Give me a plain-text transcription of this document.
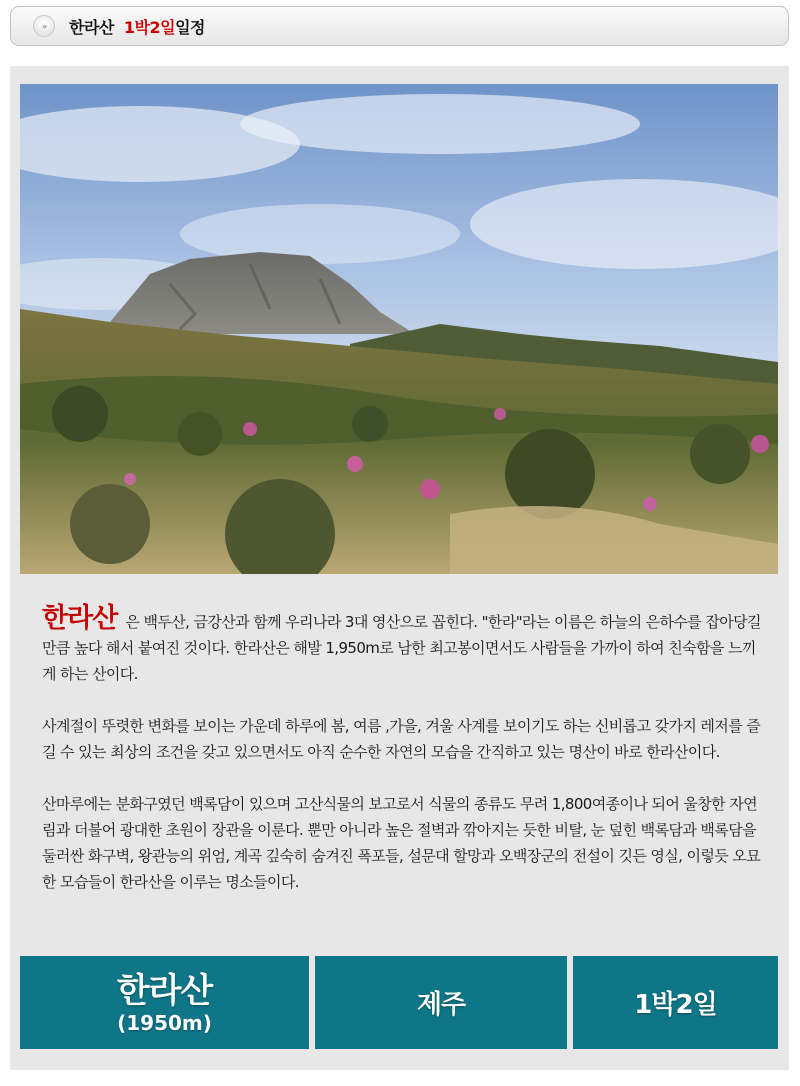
»	한라산 1박2일일정

한라산 은 백두산, 금강산과 함께 우리나라 3대 영산으로 꼽힌다. "한라"라는 이름은 하늘의 은하수를 잡아당길 만큼 높다 해서 붙여진 것이다. 한라산은 해발 1,950m로 남한 최고봉이면서도 사람들을 가까이 하여 친숙함을 느끼게 하는 산이다.

사계절이 뚜렷한 변화를 보이는 가운데 하루에 봄, 여름 ,가을, 겨울 사계를 보이기도 하는 신비롭고 갖가지 레저를 즐길 수 있는 최상의 조건을 갖고 있으면서도 아직 순수한 자연의 모습을 간직하고 있는 명산이 바로 한라산이다.

산마루에는 분화구였던 백록담이 있으며 고산식물의 보고로서 식물의 종류도 무려 1,800여종이나 되어 울창한 자연림과 더불어 광대한 초원이 장관을 이룬다. 뿐만 아니라 높은 절벽과 깎아지는 듯한 비탈, 눈 덮힌 백록담과 백록담을 둘러싼 화구벽, 왕관능의 위엄, 계곡 깊숙히 숨겨진 폭포들, 설문대 할망과 오백장군의 전설이 깃든 영실, 이렇듯 오묘한 모습들이 한라산을 이루는 명소들이다.

한라산
(1950m)
제주	1박2일
